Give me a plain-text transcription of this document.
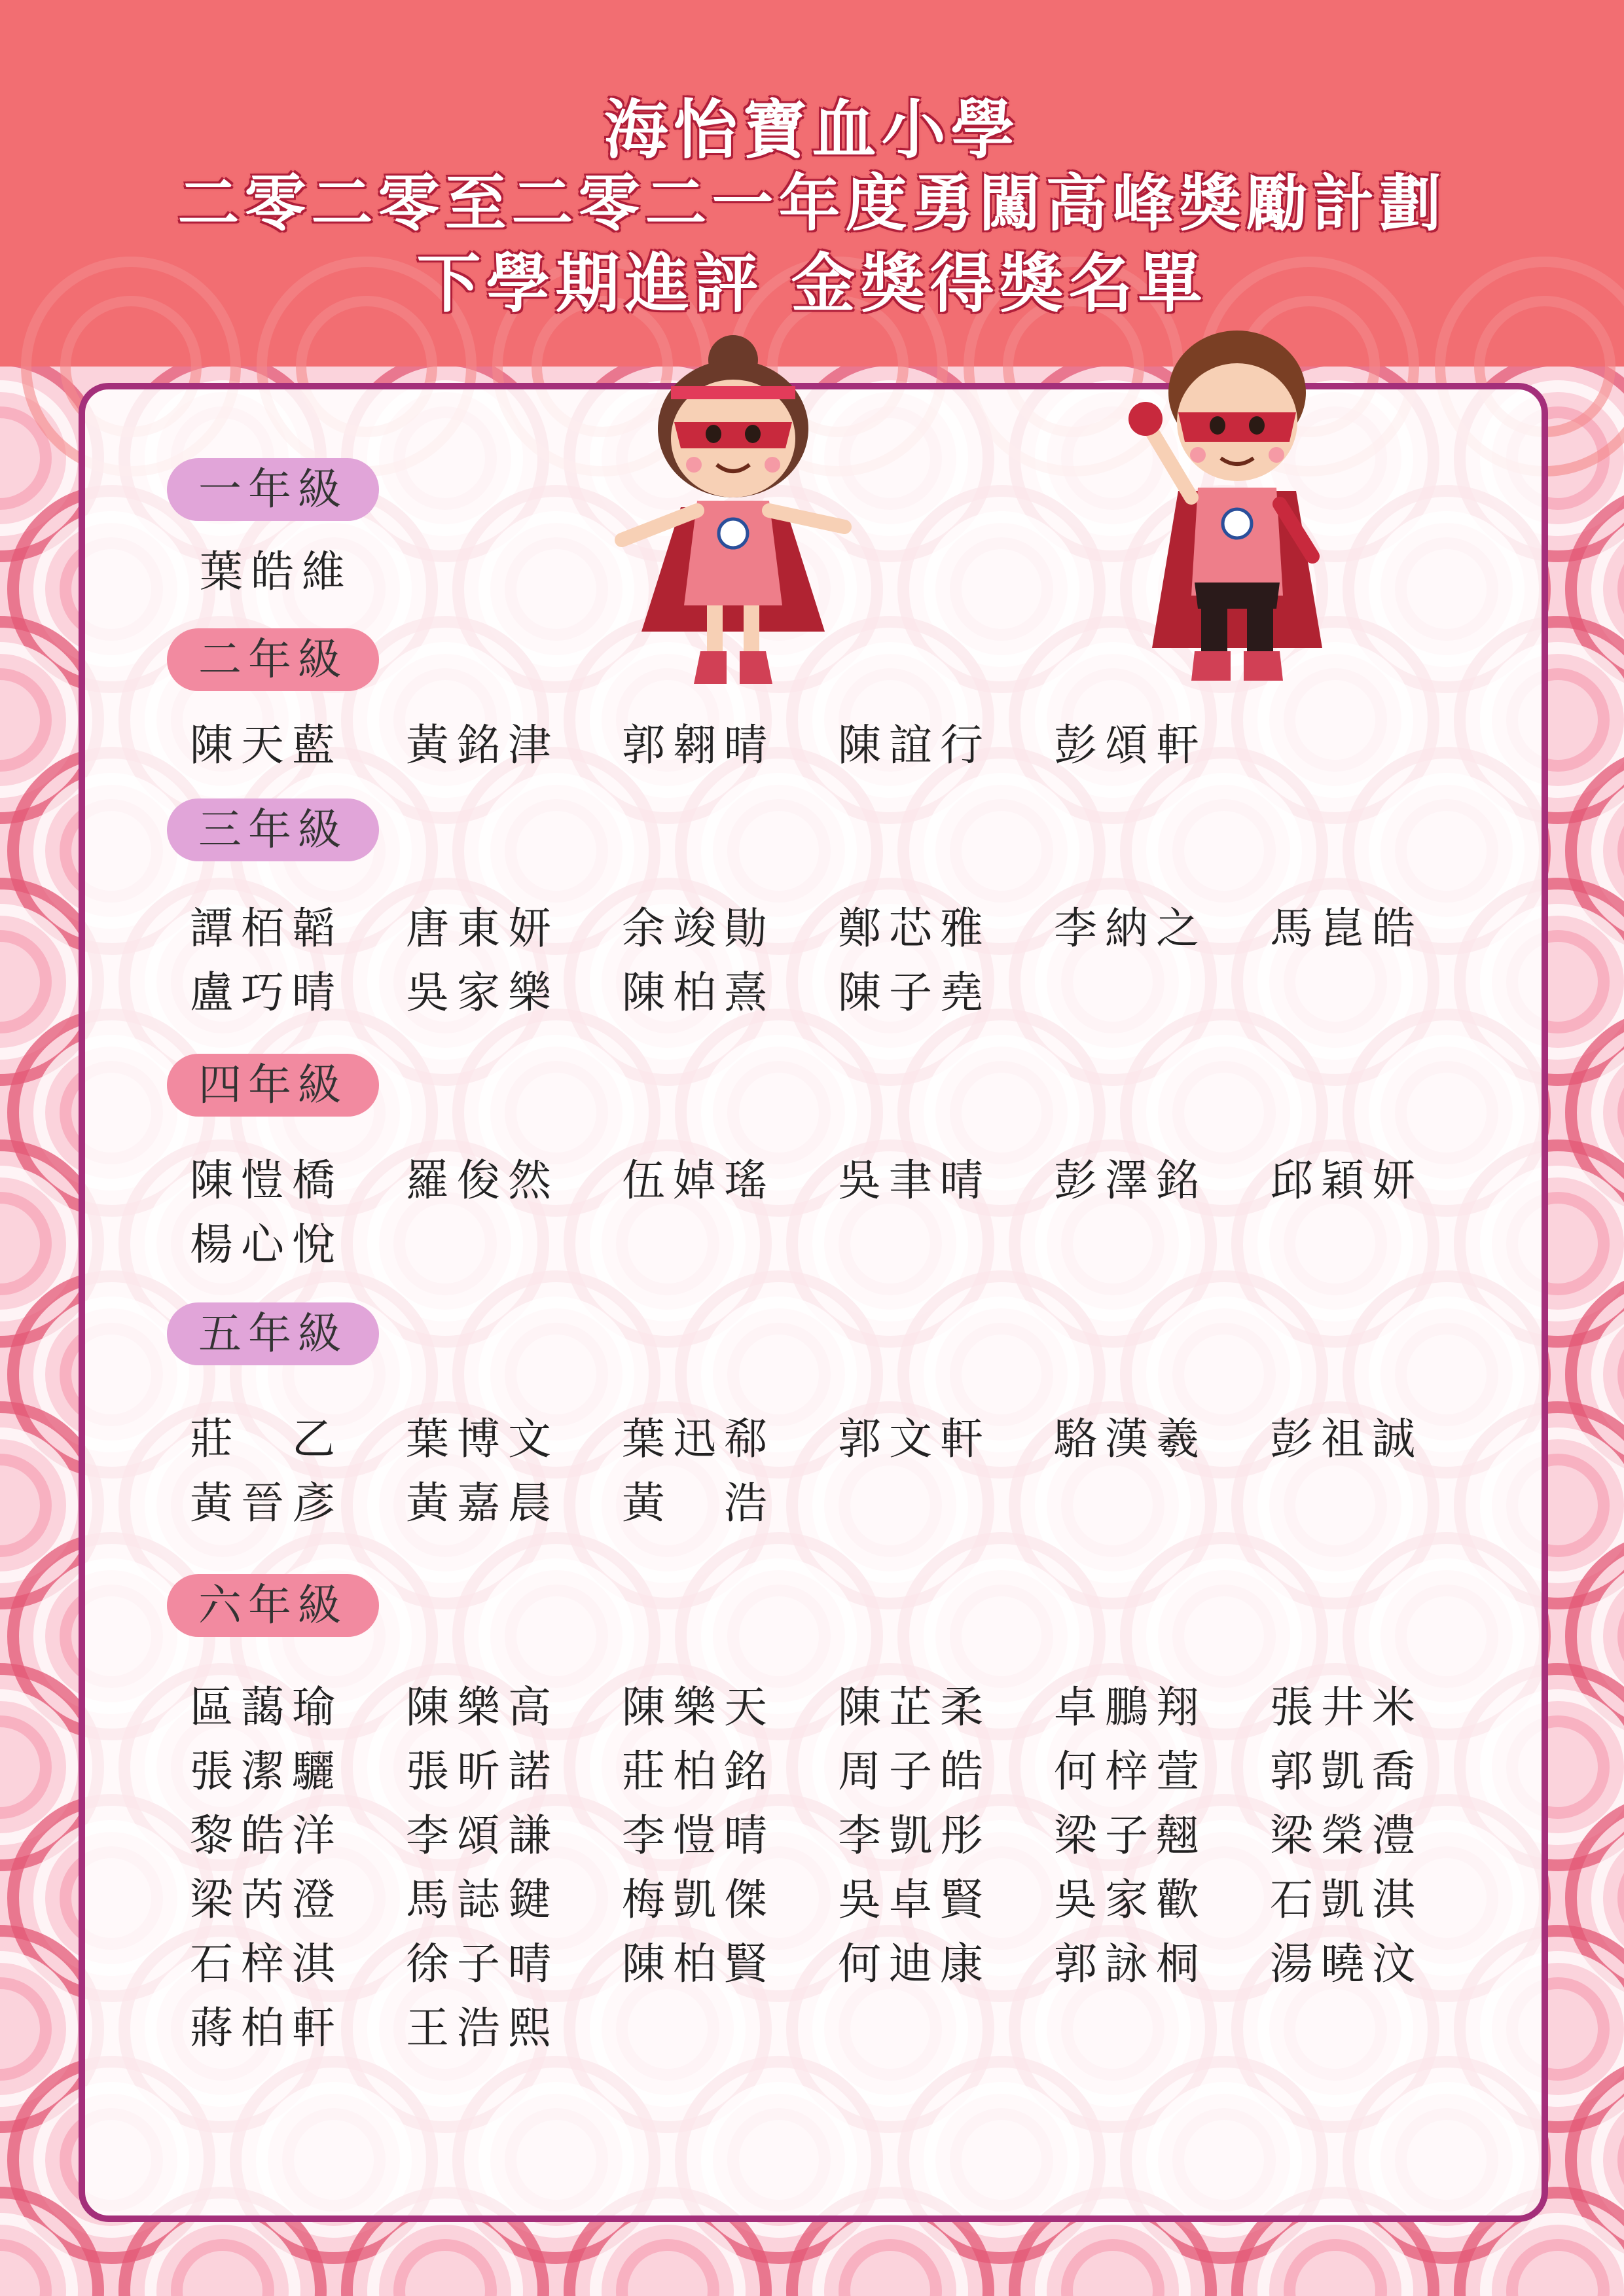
海怡寶血小學
二零二零至二零二一年度勇闖高峰獎勵計劃
下學期進評 金獎得獎名單
一年級
二年級
三年級
四年級
五年級
六年級
葉皓維
陳天藍 黃銘津 郭翱晴 陳誼行 彭頌軒
譚栢韜 唐東妍 余竣勛 鄭芯雅 李納之 馬崑皓
盧巧晴 吳家樂 陳柏熹 陳子堯
陳愷橋 羅俊然 伍婥瑤 吳聿晴 彭澤銘 邱穎妍
楊心悅
莊　乙 葉博文 葉迅郗 郭文軒 駱漢羲 彭祖誠
黃晉彥 黃嘉晨 黃　浩
區藹瑜 陳樂高 陳樂天 陳芷柔 卓鵬翔 張井米
張潔驪 張昕諾 莊柏銘 周子皓 何梓萱 郭凱喬
黎皓洋 李頌謙 李愷晴 李凱彤 梁子翹 梁榮澧
梁芮澄 馬誌鍵 梅凱傑 吳卓賢 吳家歡 石凱淇
石梓淇 徐子晴 陳柏賢 何迪康 郭詠桐 湯曉汶
蔣柏軒 王浩熙
